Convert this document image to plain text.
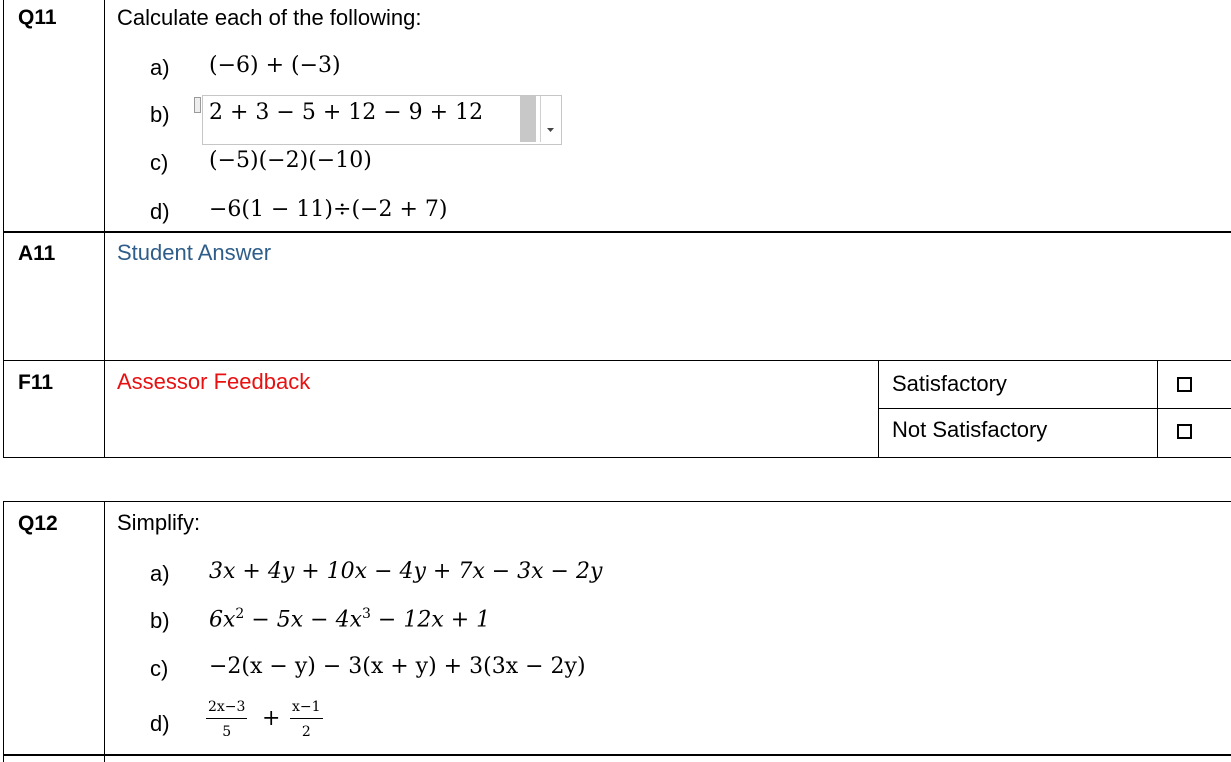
Q11	Calculate each of the following:
a) (−6) + (−3)
b) 2 + 3 − 5 + 12 − 9 + 12
c) (−5)(−2)(−10)
d) −6(1 − 11)÷(−2 + 7)
A11	Student Answer
F11	Assessor Feedback	Satisfactory
Not Satisfactory
Q12	Simplify:
a) 3x + 4y + 10x − 4y + 7x − 3x − 2y
b) $6x^2 - 5x - 4x^3 - 12x + 1$
c) −2(x − y) − 3(x + y) + 3(3x − 2y)
d)	$\frac{2x-3}{5} + \frac{x-1}{2}$
